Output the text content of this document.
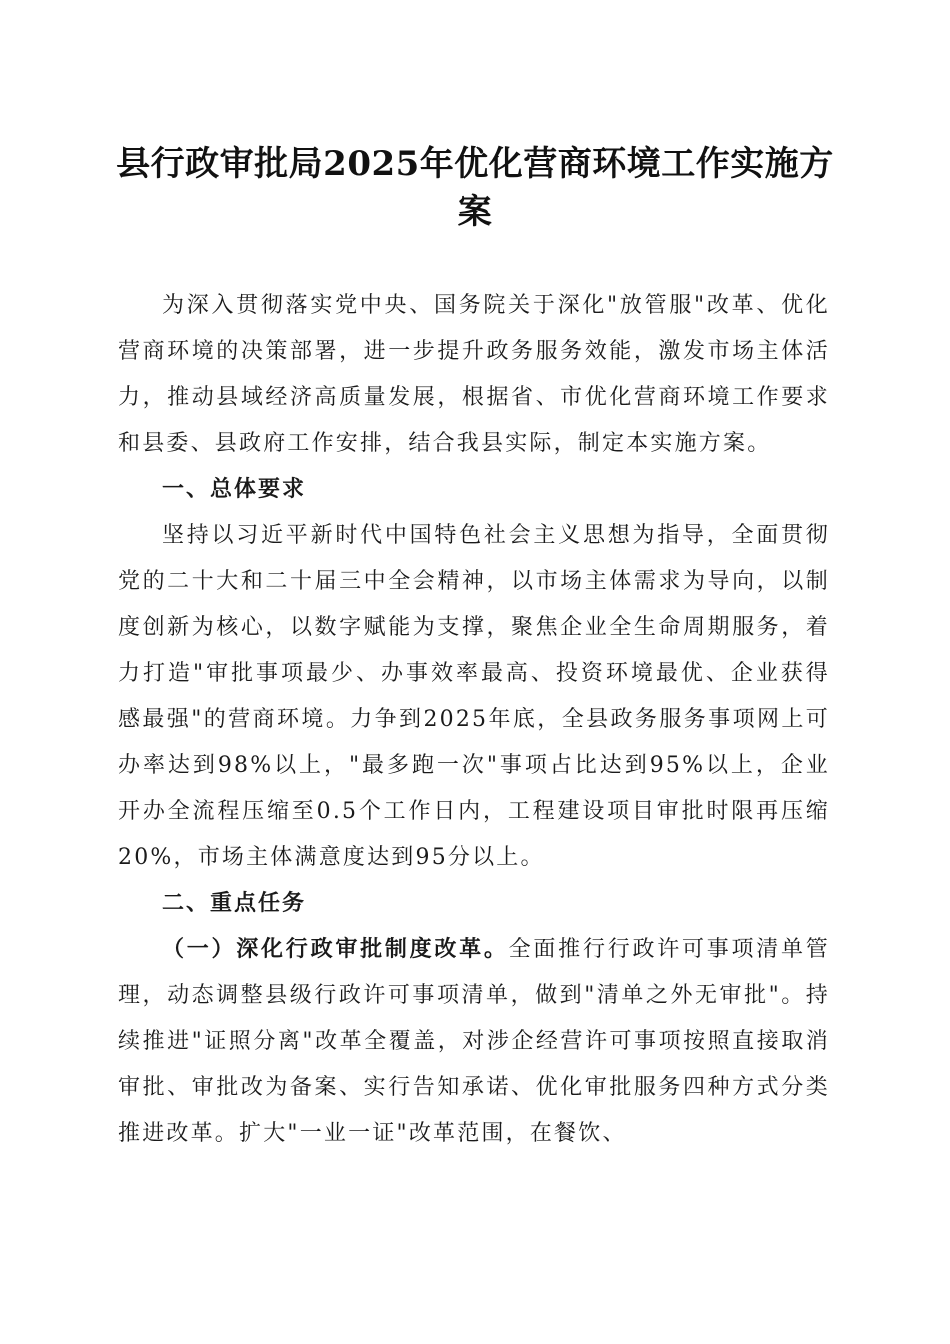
县行政审批局2025年优化营商环境工作实施方案

为深入贯彻落实党中央、国务院关于深化"放管服"改革、优化营商环境的决策部署，进一步提升政务服务效能，激发市场主体活力，推动县域经济高质量发展，根据省、市优化营商环境工作要求和县委、县政府工作安排，结合我县实际，制定本实施方案。

一、总体要求

坚持以习近平新时代中国特色社会主义思想为指导，全面贯彻党的二十大和二十届三中全会精神，以市场主体需求为导向，以制度创新为核心，以数字赋能为支撑，聚焦企业全生命周期服务，着力打造"审批事项最少、办事效率最高、投资环境最优、企业获得感最强"的营商环境。力争到2025年底，全县政务服务事项网上可办率达到98%以上，"最多跑一次"事项占比达到95%以上，企业开办全流程压缩至0.5个工作日内，工程建设项目审批时限再压缩20%，市场主体满意度达到95分以上。

二、重点任务

（一）深化行政审批制度改革。全面推行行政许可事项清单管理，动态调整县级行政许可事项清单，做到"清单之外无审批"。持续推进"证照分离"改革全覆盖，对涉企经营许可事项按照直接取消审批、审批改为备案、实行告知承诺、优化审批服务四种方式分类推进改革。扩大"一业一证"改革范围，在餐饮、
